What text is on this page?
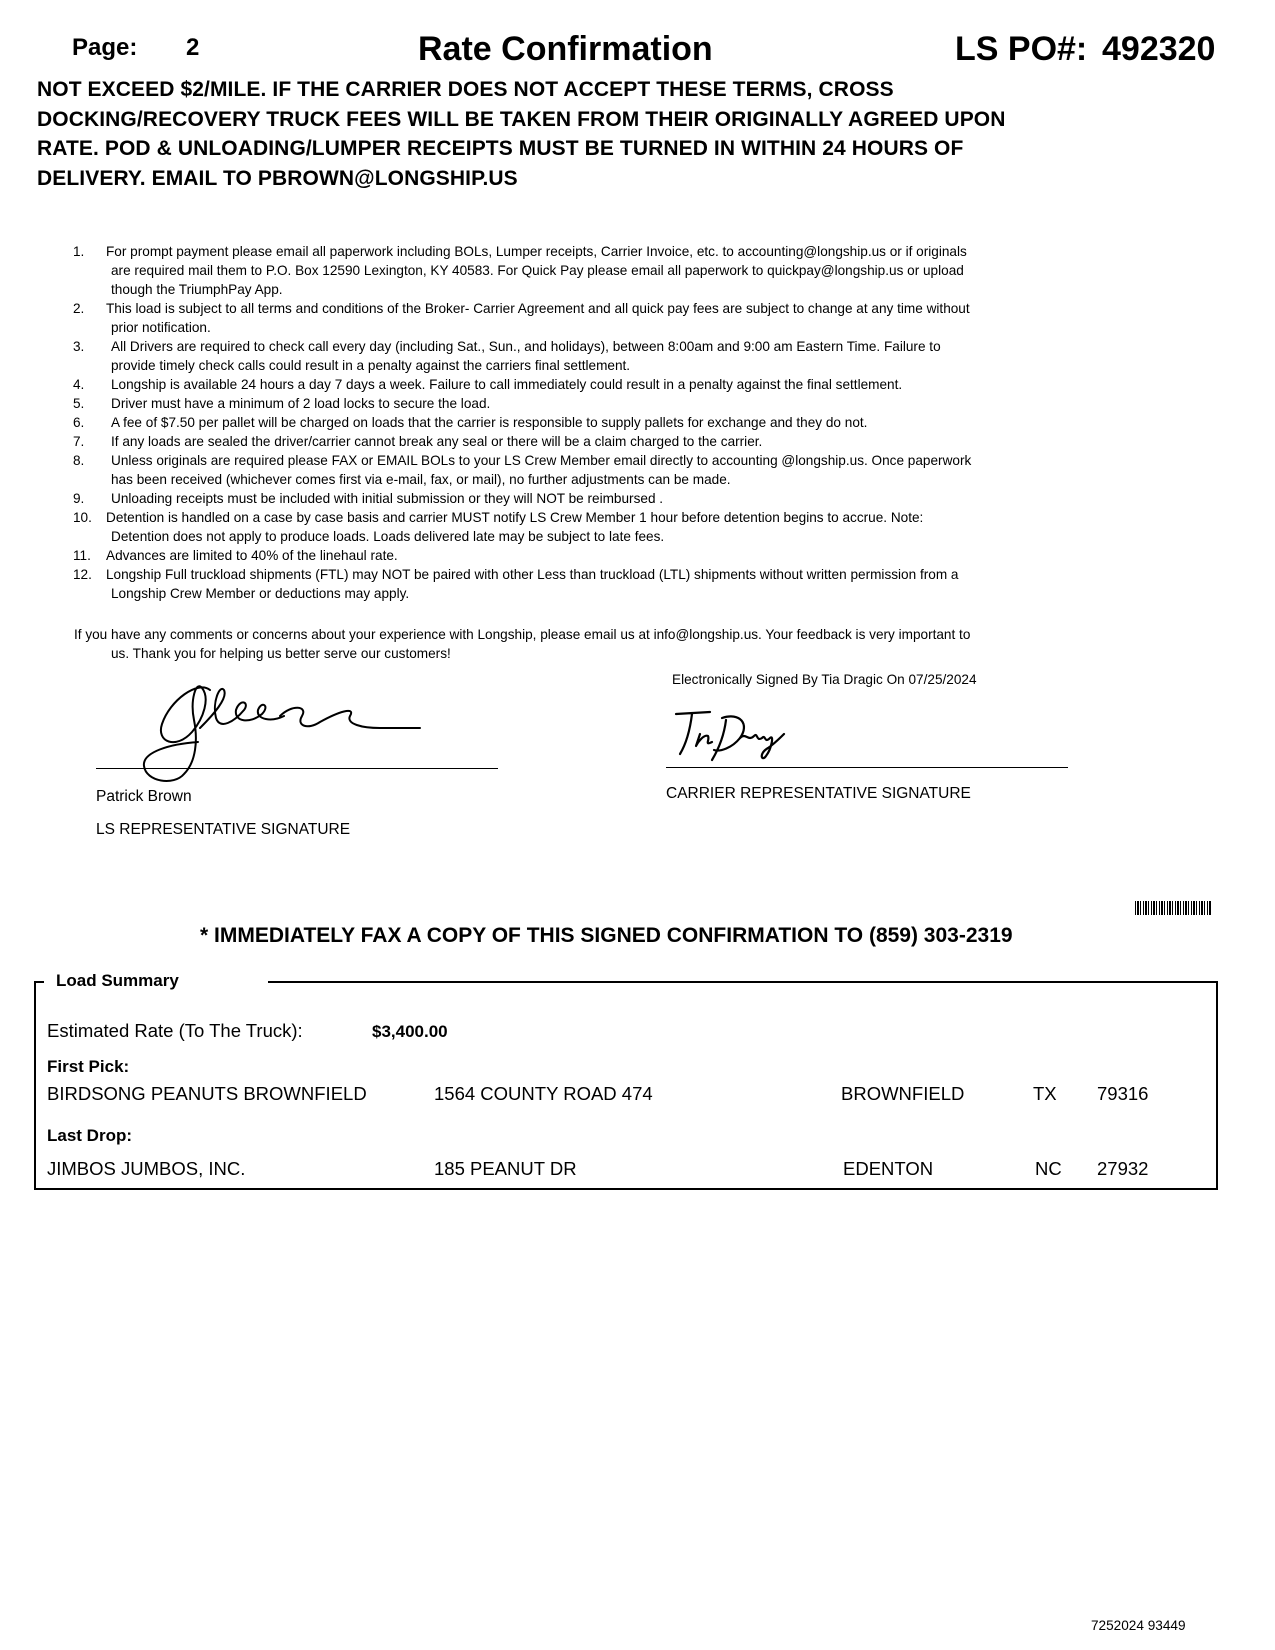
Page: 2	Rate Confirmation	LS PO#: 492320
NOT EXCEED $2/MILE. IF THE CARRIER DOES NOT ACCEPT THESE TERMS, CROSS
DOCKING/RECOVERY TRUCK FEES WILL BE TAKEN FROM THEIR ORIGINALLY AGREED UPON
RATE. POD & UNLOADING/LUMPER RECEIPTS MUST BE TURNED IN WITHIN 24 HOURS OF
DELIVERY. EMAIL TO PBROWN@LONGSHIP.US
1. For prompt payment please email all paperwork including BOLs, Lumper receipts, Carrier Invoice, etc. to accounting@longship.us or if originals
are required mail them to P.O. Box 12590 Lexington, KY 40583. For Quick Pay please email all paperwork to quickpay@longship.us or upload
though the TriumphPay App.
2. This load is subject to all terms and conditions of the Broker- Carrier Agreement and all quick pay fees are subject to change at any time without
prior notification.
3. All Drivers are required to check call every day (including Sat., Sun., and holidays), between 8:00am and 9:00 am Eastern Time. Failure to
provide timely check calls could result in a penalty against the carriers final settlement.
4. Longship is available 24 hours a day 7 days a week. Failure to call immediately could result in a penalty against the final settlement.
5. Driver must have a minimum of 2 load locks to secure the load.
6. A fee of $7.50 per pallet will be charged on loads that the carrier is responsible to supply pallets for exchange and they do not.
7. If any loads are sealed the driver/carrier cannot break any seal or there will be a claim charged to the carrier.
8. Unless originals are required please FAX or EMAIL BOLs to your LS Crew Member email directly to accounting @longship.us. Once paperwork
has been received (whichever comes first via e-mail, fax, or mail), no further adjustments can be made.
9. Unloading receipts must be included with initial submission or they will NOT be reimbursed .
10. Detention is handled on a case by case basis and carrier MUST notify LS Crew Member 1 hour before detention begins to accrue. Note:
Detention does not apply to produce loads. Loads delivered late may be subject to late fees.
11. Advances are limited to 40% of the linehaul rate.
12. Longship Full truckload shipments (FTL) may NOT be paired with other Less than truckload (LTL) shipments without written permission from a
Longship Crew Member or deductions may apply.
If you have any comments or concerns about your experience with Longship, please email us at info@longship.us. Your feedback is very important to
us. Thank you for helping us better serve our customers!
Electronically Signed By Tia Dragic On 07/25/2024
Patrick Brown
LS REPRESENTATIVE SIGNATURE
CARRIER REPRESENTATIVE SIGNATURE
* IMMEDIATELY FAX A COPY OF THIS SIGNED CONFIRMATION TO (859) 303-2319
Load Summary
Estimated Rate (To The Truck):	$3,400.00
First Pick:
BIRDSONG PEANUTS BROWNFIELD	1564 COUNTY ROAD 474	BROWNFIELD	TX 79316
Last Drop:
JIMBOS JUMBOS, INC.	185 PEANUT DR	EDENTON	NC 27932
7252024 93449
